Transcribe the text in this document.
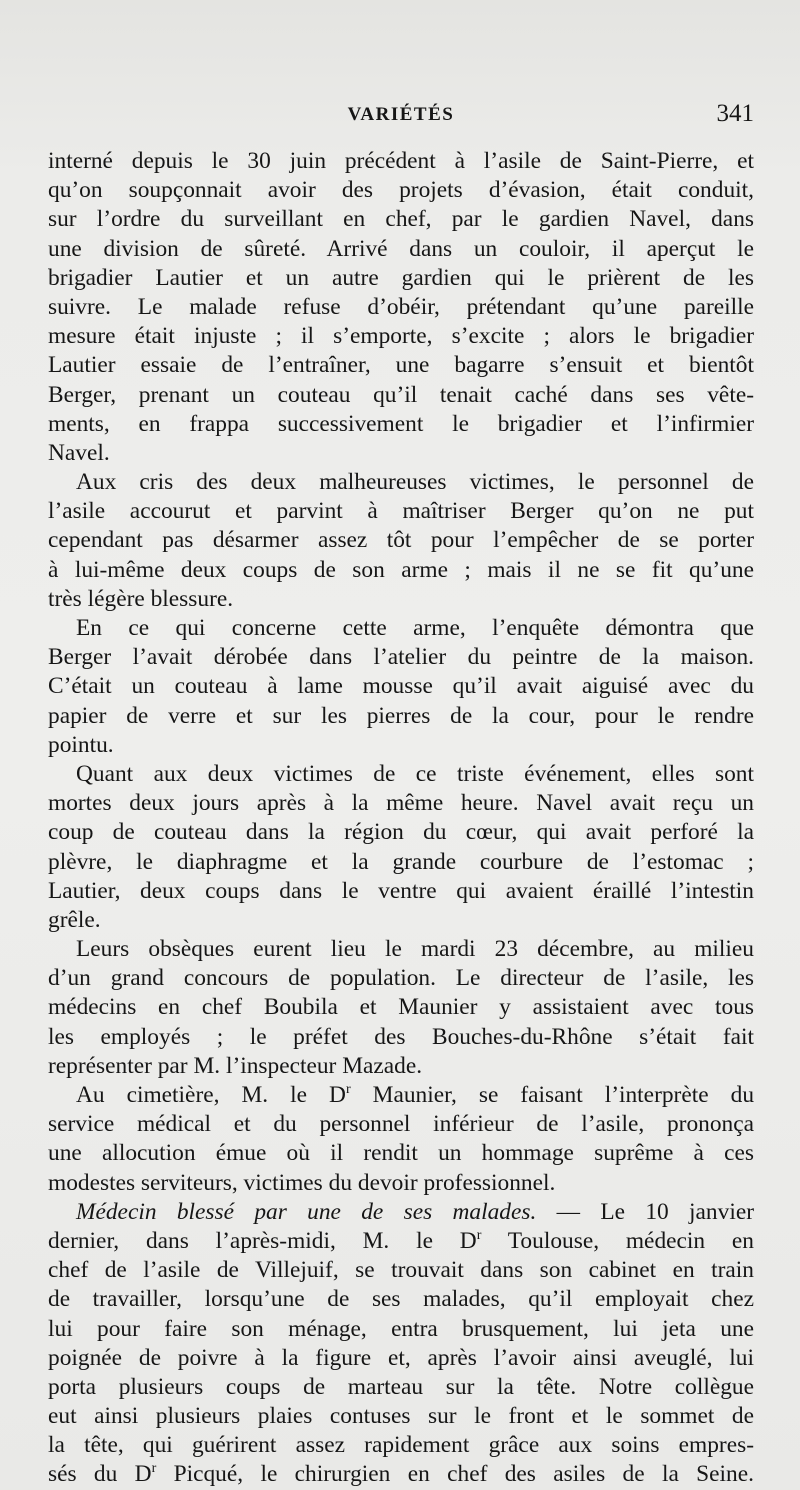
VARIÉTÉS	341
interné depuis le 30 juin précédent à l’asile de Saint-Pierre, et
qu’on soupçonnait avoir des projets d’évasion, était conduit,
sur l’ordre du surveillant en chef, par le gardien Navel, dans
une division de sûreté. Arrivé dans un couloir, il aperçut le
brigadier Lautier et un autre gardien qui le prièrent de les
suivre. Le malade refuse d’obéir, prétendant qu’une pareille
mesure était injuste ; il s’emporte, s’excite ; alors le brigadier
Lautier essaie de l’entraîner, une bagarre s’ensuit et bientôt
Berger, prenant un couteau qu’il tenait caché dans ses vête-
ments, en frappa successivement le brigadier et l’infirmier
Navel.
Aux cris des deux malheureuses victimes, le personnel de
l’asile accourut et parvint à maîtriser Berger qu’on ne put
cependant pas désarmer assez tôt pour l’empêcher de se porter
à lui-même deux coups de son arme ; mais il ne se fit qu’une
très légère blessure.
En ce qui concerne cette arme, l’enquête démontra que
Berger l’avait dérobée dans l’atelier du peintre de la maison.
C’était un couteau à lame mousse qu’il avait aiguisé avec du
papier de verre et sur les pierres de la cour, pour le rendre
pointu.
Quant aux deux victimes de ce triste événement, elles sont
mortes deux jours après à la même heure. Navel avait reçu un
coup de couteau dans la région du cœur, qui avait perforé la
plèvre, le diaphragme et la grande courbure de l’estomac ;
Lautier, deux coups dans le ventre qui avaient éraillé l’intestin
grêle.
Leurs obsèques eurent lieu le mardi 23 décembre, au milieu
d’un grand concours de population. Le directeur de l’asile, les
médecins en chef Boubila et Maunier y assistaient avec tous
les employés ; le préfet des Bouches-du-Rhône s’était fait
représenter par M. l’inspecteur Mazade.
Au cimetière, M. le $D^r$ Maunier, se faisant l’interprète du
service médical et du personnel inférieur de l’asile, prononça
une allocution émue où il rendit un hommage suprême à ces
modestes serviteurs, victimes du devoir professionnel.
Médecin blessé par une de ses malades. — Le 10 janvier
dernier, dans l’après-midi, M. le $D^r$ Toulouse, médecin en
chef de l’asile de Villejuif, se trouvait dans son cabinet en train
de travailler, lorsqu’une de ses malades, qu’il employait chez
lui pour faire son ménage, entra brusquement, lui jeta une
poignée de poivre à la figure et, après l’avoir ainsi aveuglé, lui
porta plusieurs coups de marteau sur la tête. Notre collègue
eut ainsi plusieurs plaies contuses sur le front et le sommet de
la tête, qui guérirent assez rapidement grâce aux soins empres-
sés du $D^r$ Picqué, le chirurgien en chef des asiles de la Seine.
